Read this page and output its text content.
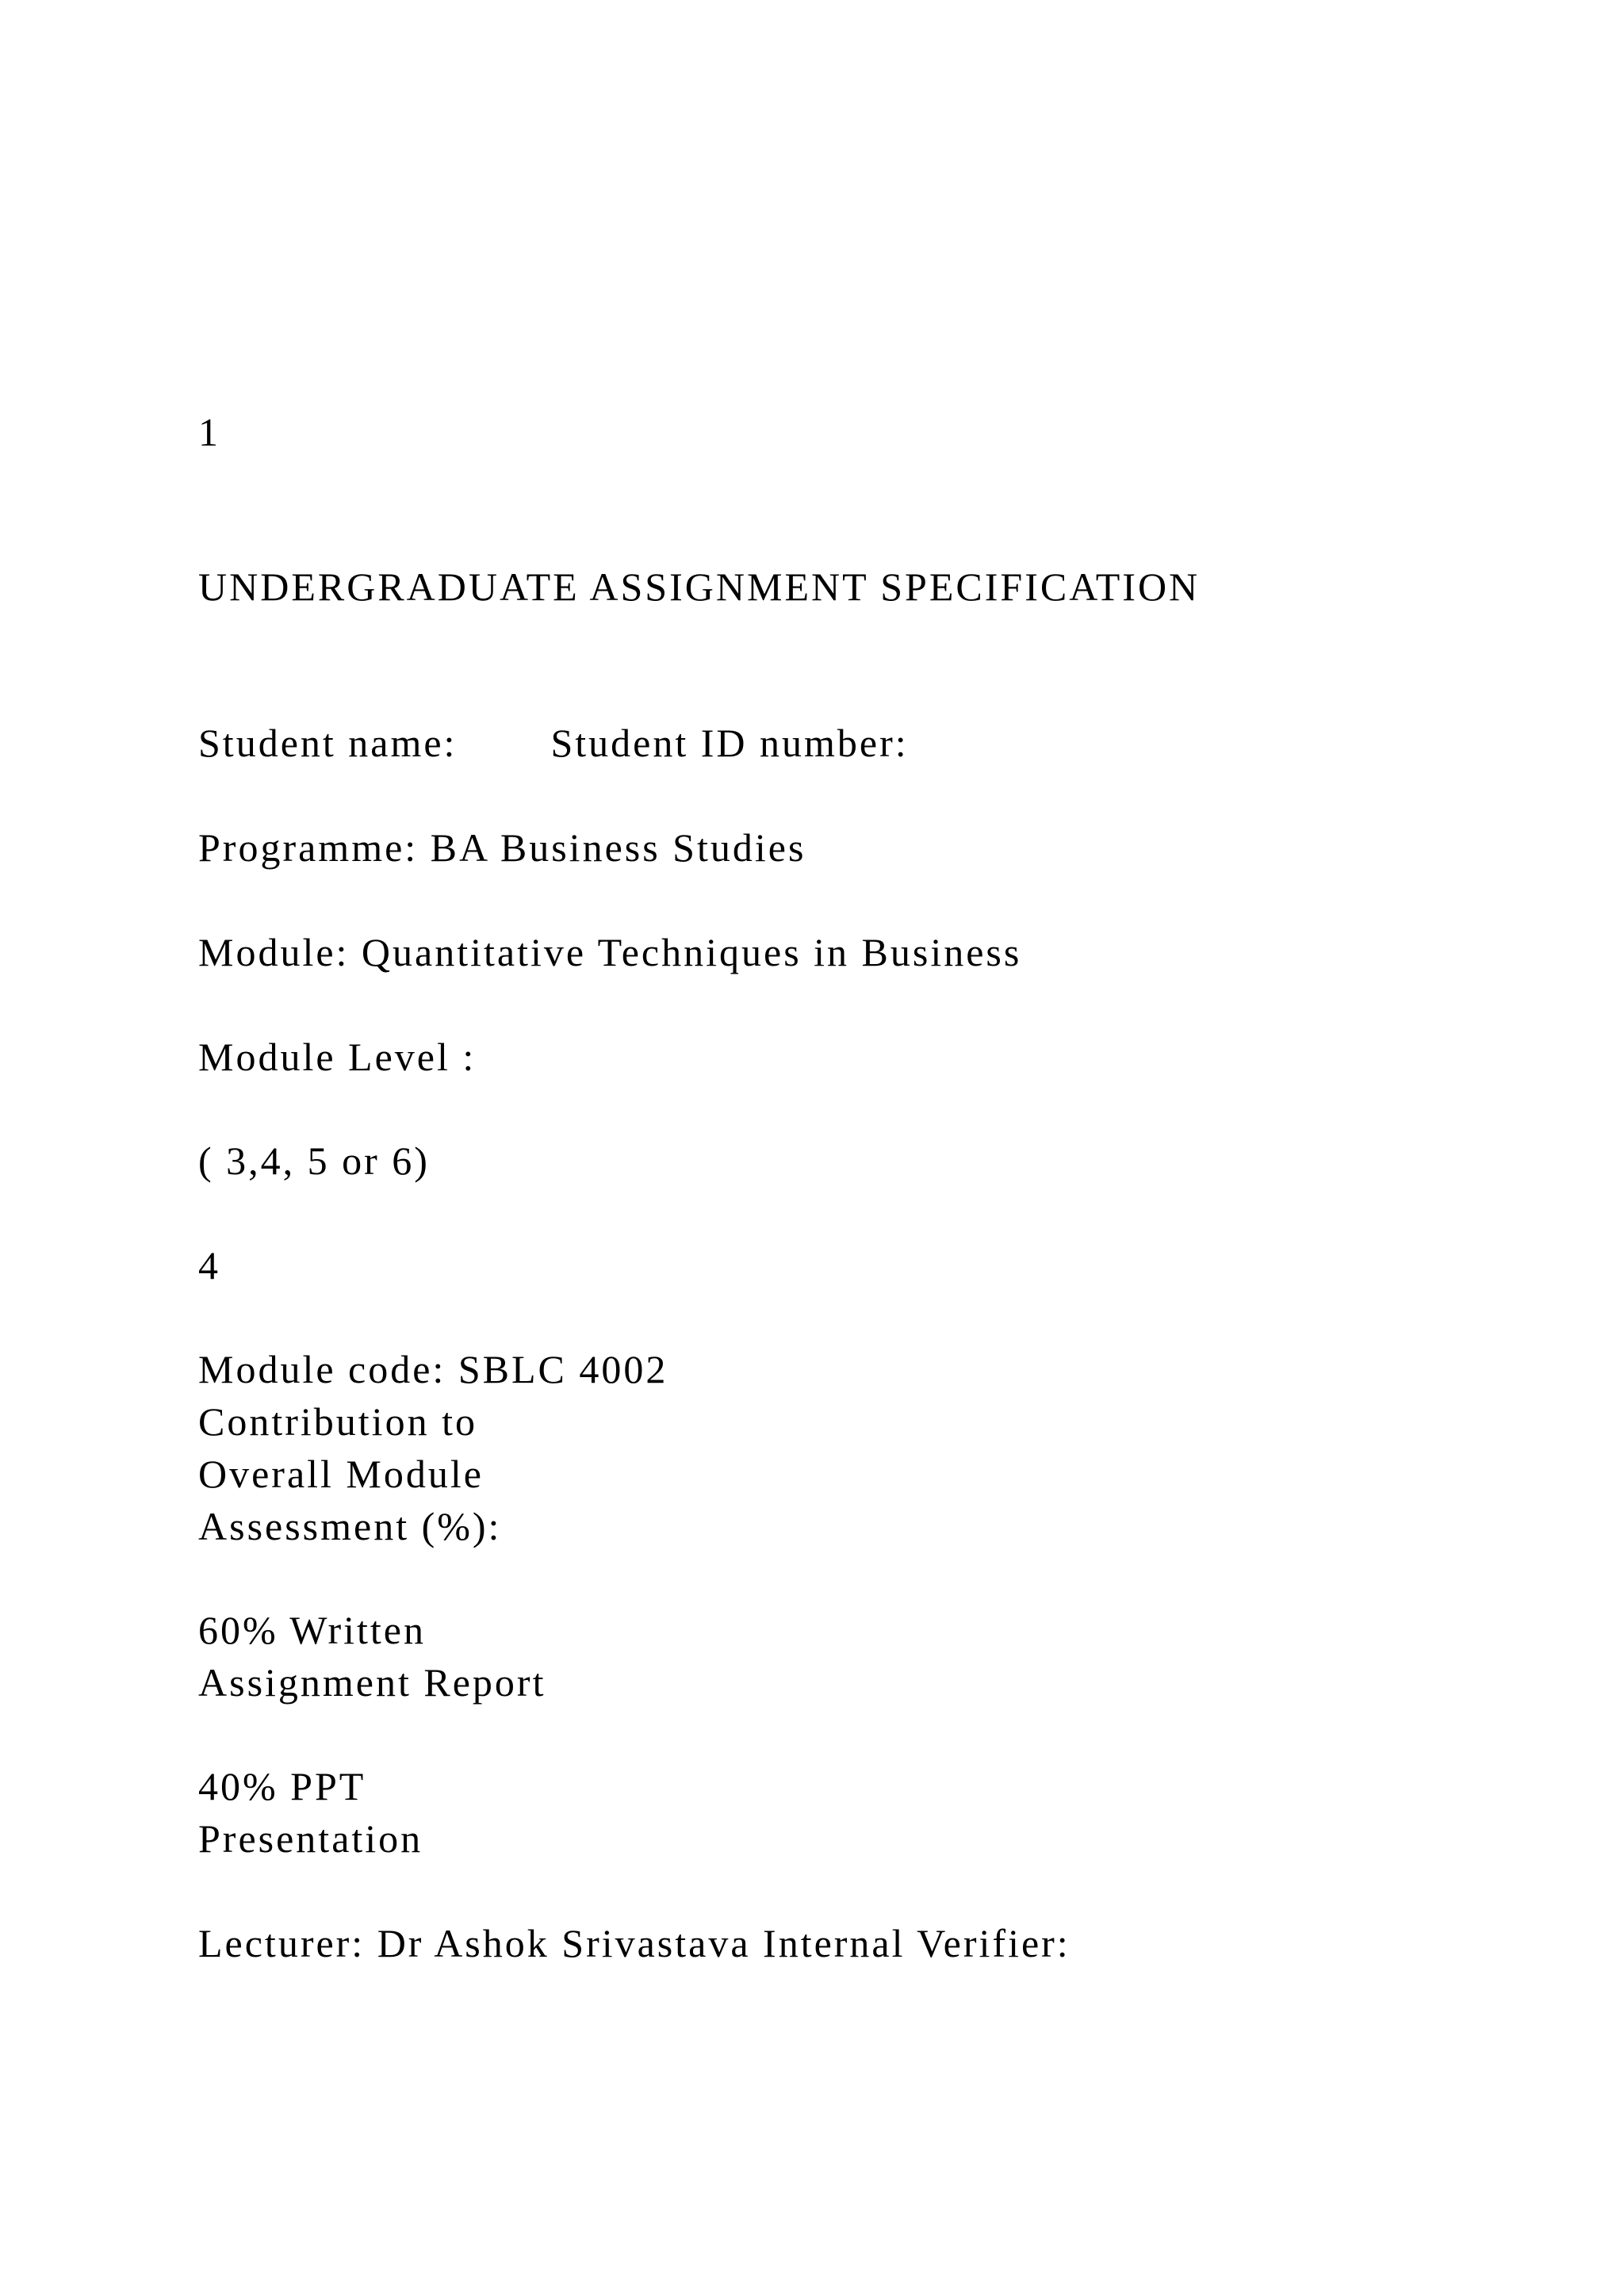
1
UNDERGRADUATE ASSIGNMENT SPECIFICATION
Student name: Student ID number:
Programme: BA Business Studies
Module: Quantitative Techniques in Business
Module Level :
( 3,4, 5 or 6)
4
Module code: SBLC 4002
Contribution to
Overall Module
Assessment (%):
60% Written
Assignment Report
40% PPT
Presentation
Lecturer: Dr Ashok Srivastava Internal Verifier:
